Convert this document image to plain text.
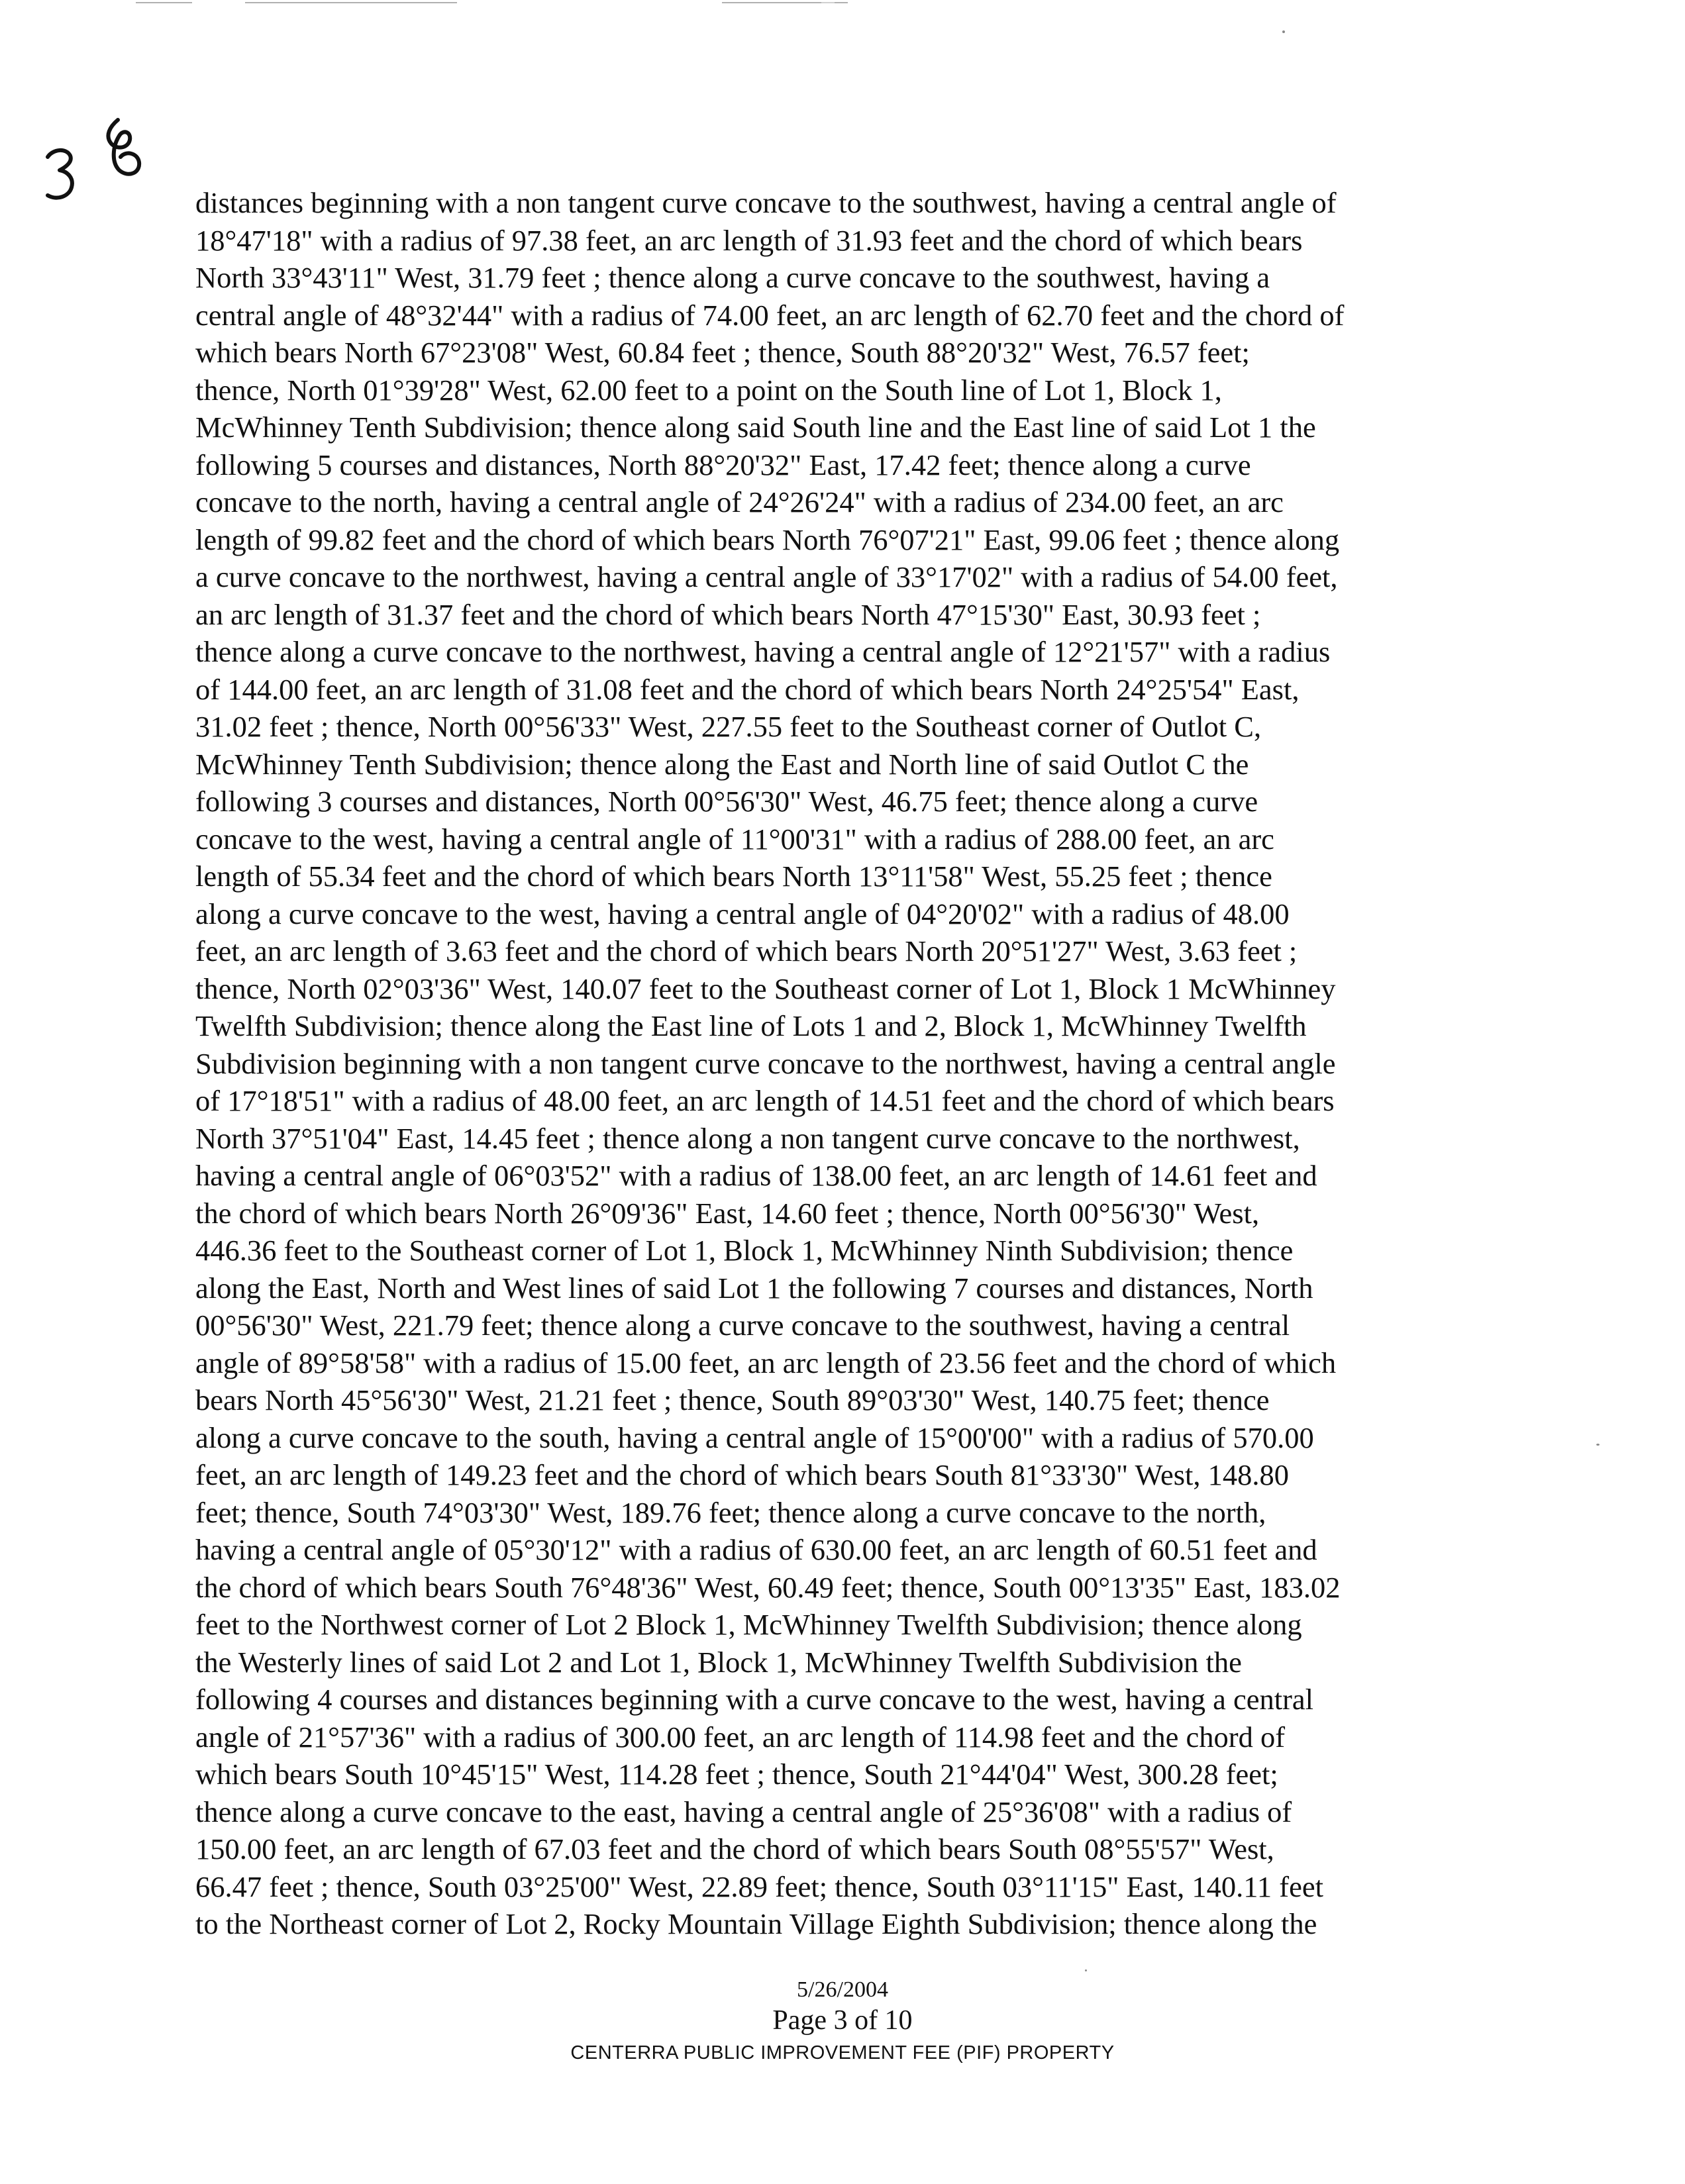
distances beginning with a non tangent curve concave to the southwest, having a central angle of
18°47'18" with a radius of 97.38 feet, an arc length of 31.93 feet and the chord of which bears
North 33°43'11" West, 31.79 feet ; thence along a curve concave to the southwest, having a
central angle of 48°32'44" with a radius of 74.00 feet, an arc length of 62.70 feet and the chord of
which bears North 67°23'08" West, 60.84 feet ; thence, South 88°20'32" West, 76.57 feet;
thence, North 01°39'28" West, 62.00 feet to a point on the South line of Lot 1, Block 1,
McWhinney Tenth Subdivision; thence along said South line and the East line of said Lot 1 the
following 5 courses and distances, North 88°20'32" East, 17.42 feet; thence along a curve
concave to the north, having a central angle of 24°26'24" with a radius of 234.00 feet, an arc
length of 99.82 feet and the chord of which bears North 76°07'21" East, 99.06 feet ; thence along
a curve concave to the northwest, having a central angle of 33°17'02" with a radius of 54.00 feet,
an arc length of 31.37 feet and the chord of which bears North 47°15'30" East, 30.93 feet ;
thence along a curve concave to the northwest, having a central angle of 12°21'57" with a radius
of 144.00 feet, an arc length of 31.08 feet and the chord of which bears North 24°25'54" East,
31.02 feet ; thence, North 00°56'33" West, 227.55 feet to the Southeast corner of Outlot C,
McWhinney Tenth Subdivision; thence along the East and North line of said Outlot C the
following 3 courses and distances, North 00°56'30" West, 46.75 feet; thence along a curve
concave to the west, having a central angle of 11°00'31" with a radius of 288.00 feet, an arc
length of 55.34 feet and the chord of which bears North 13°11'58" West, 55.25 feet ; thence
along a curve concave to the west, having a central angle of 04°20'02" with a radius of 48.00
feet, an arc length of 3.63 feet and the chord of which bears North 20°51'27" West, 3.63 feet ;
thence, North 02°03'36" West, 140.07 feet to the Southeast corner of Lot 1, Block 1 McWhinney
Twelfth Subdivision; thence along the East line of Lots 1 and 2, Block 1, McWhinney Twelfth
Subdivision beginning with a non tangent curve concave to the northwest, having a central angle
of 17°18'51" with a radius of 48.00 feet, an arc length of 14.51 feet and the chord of which bears
North 37°51'04" East, 14.45 feet ; thence along a non tangent curve concave to the northwest,
having a central angle of 06°03'52" with a radius of 138.00 feet, an arc length of 14.61 feet and
the chord of which bears North 26°09'36" East, 14.60 feet ; thence, North 00°56'30" West,
446.36 feet to the Southeast corner of Lot 1, Block 1, McWhinney Ninth Subdivision; thence
along the East, North and West lines of said Lot 1 the following 7 courses and distances, North
00°56'30" West, 221.79 feet; thence along a curve concave to the southwest, having a central
angle of 89°58'58" with a radius of 15.00 feet, an arc length of 23.56 feet and the chord of which
bears North 45°56'30" West, 21.21 feet ; thence, South 89°03'30" West, 140.75 feet; thence
along a curve concave to the south, having a central angle of 15°00'00" with a radius of 570.00
feet, an arc length of 149.23 feet and the chord of which bears South 81°33'30" West, 148.80
feet; thence, South 74°03'30" West, 189.76 feet; thence along a curve concave to the north,
having a central angle of 05°30'12" with a radius of 630.00 feet, an arc length of 60.51 feet and
the chord of which bears South 76°48'36" West, 60.49 feet; thence, South 00°13'35" East, 183.02
feet to the Northwest corner of Lot 2 Block 1, McWhinney Twelfth Subdivision; thence along
the Westerly lines of said Lot 2 and Lot 1, Block 1, McWhinney Twelfth Subdivision the
following 4 courses and distances beginning with a curve concave to the west, having a central
angle of 21°57'36" with a radius of 300.00 feet, an arc length of 114.98 feet and the chord of
which bears South 10°45'15" West, 114.28 feet ; thence, South 21°44'04" West, 300.28 feet;
thence along a curve concave to the east, having a central angle of 25°36'08" with a radius of
150.00 feet, an arc length of 67.03 feet and the chord of which bears South 08°55'57" West,
66.47 feet ; thence, South 03°25'00" West, 22.89 feet; thence, South 03°11'15" East, 140.11 feet
to the Northeast corner of Lot 2, Rocky Mountain Village Eighth Subdivision; thence along the
5/26/2004
Page 3 of 10
CENTERRA PUBLIC IMPROVEMENT FEE (PIF) PROPERTY
